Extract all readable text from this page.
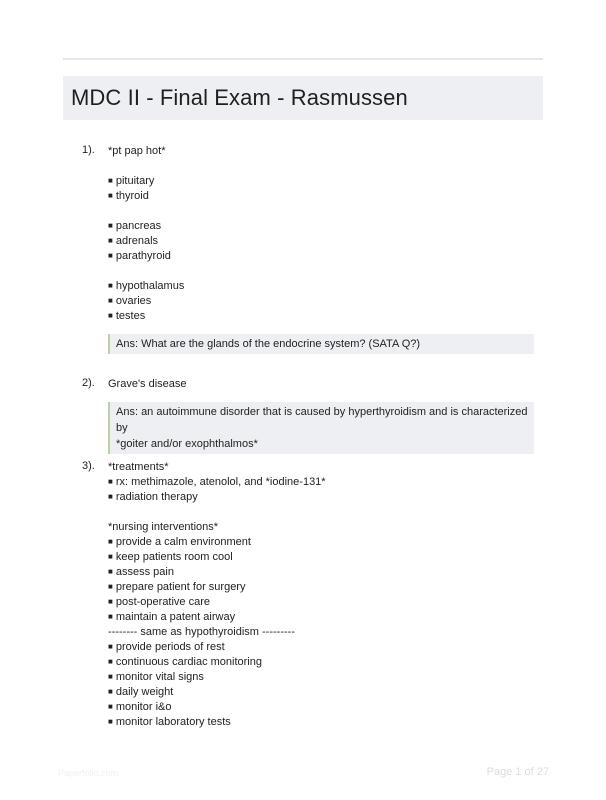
MDC II - Final Exam - Rasmussen
1). *pt pap hot*
■ pituitary
■ thyroid
■ pancreas
■ adrenals
■ parathyroid
■ hypothalamus
■ ovaries
■ testes
Ans: What are the glands of the endocrine system? (SATA Q?)
2). Grave's disease
Ans: an autoimmune disorder that is caused by hyperthyroidism and is characterized by
*goiter and/or exophthalmos*
3). *treatments*
■ rx: methimazole, atenolol, and *iodine-131*
■ radiation therapy
*nursing interventions*
■ provide a calm environment
■ keep patients room cool
■ assess pain
■ prepare patient for surgery
■ post-operative care
■ maintain a patent airway
-------- same as hypothyroidism ---------
■ provide periods of rest
■ continuous cardiac monitoring
■ monitor vital signs
■ daily weight
■ monitor i&o
■ monitor laboratory tests
Paperfolio.com	Page 1 of 27
